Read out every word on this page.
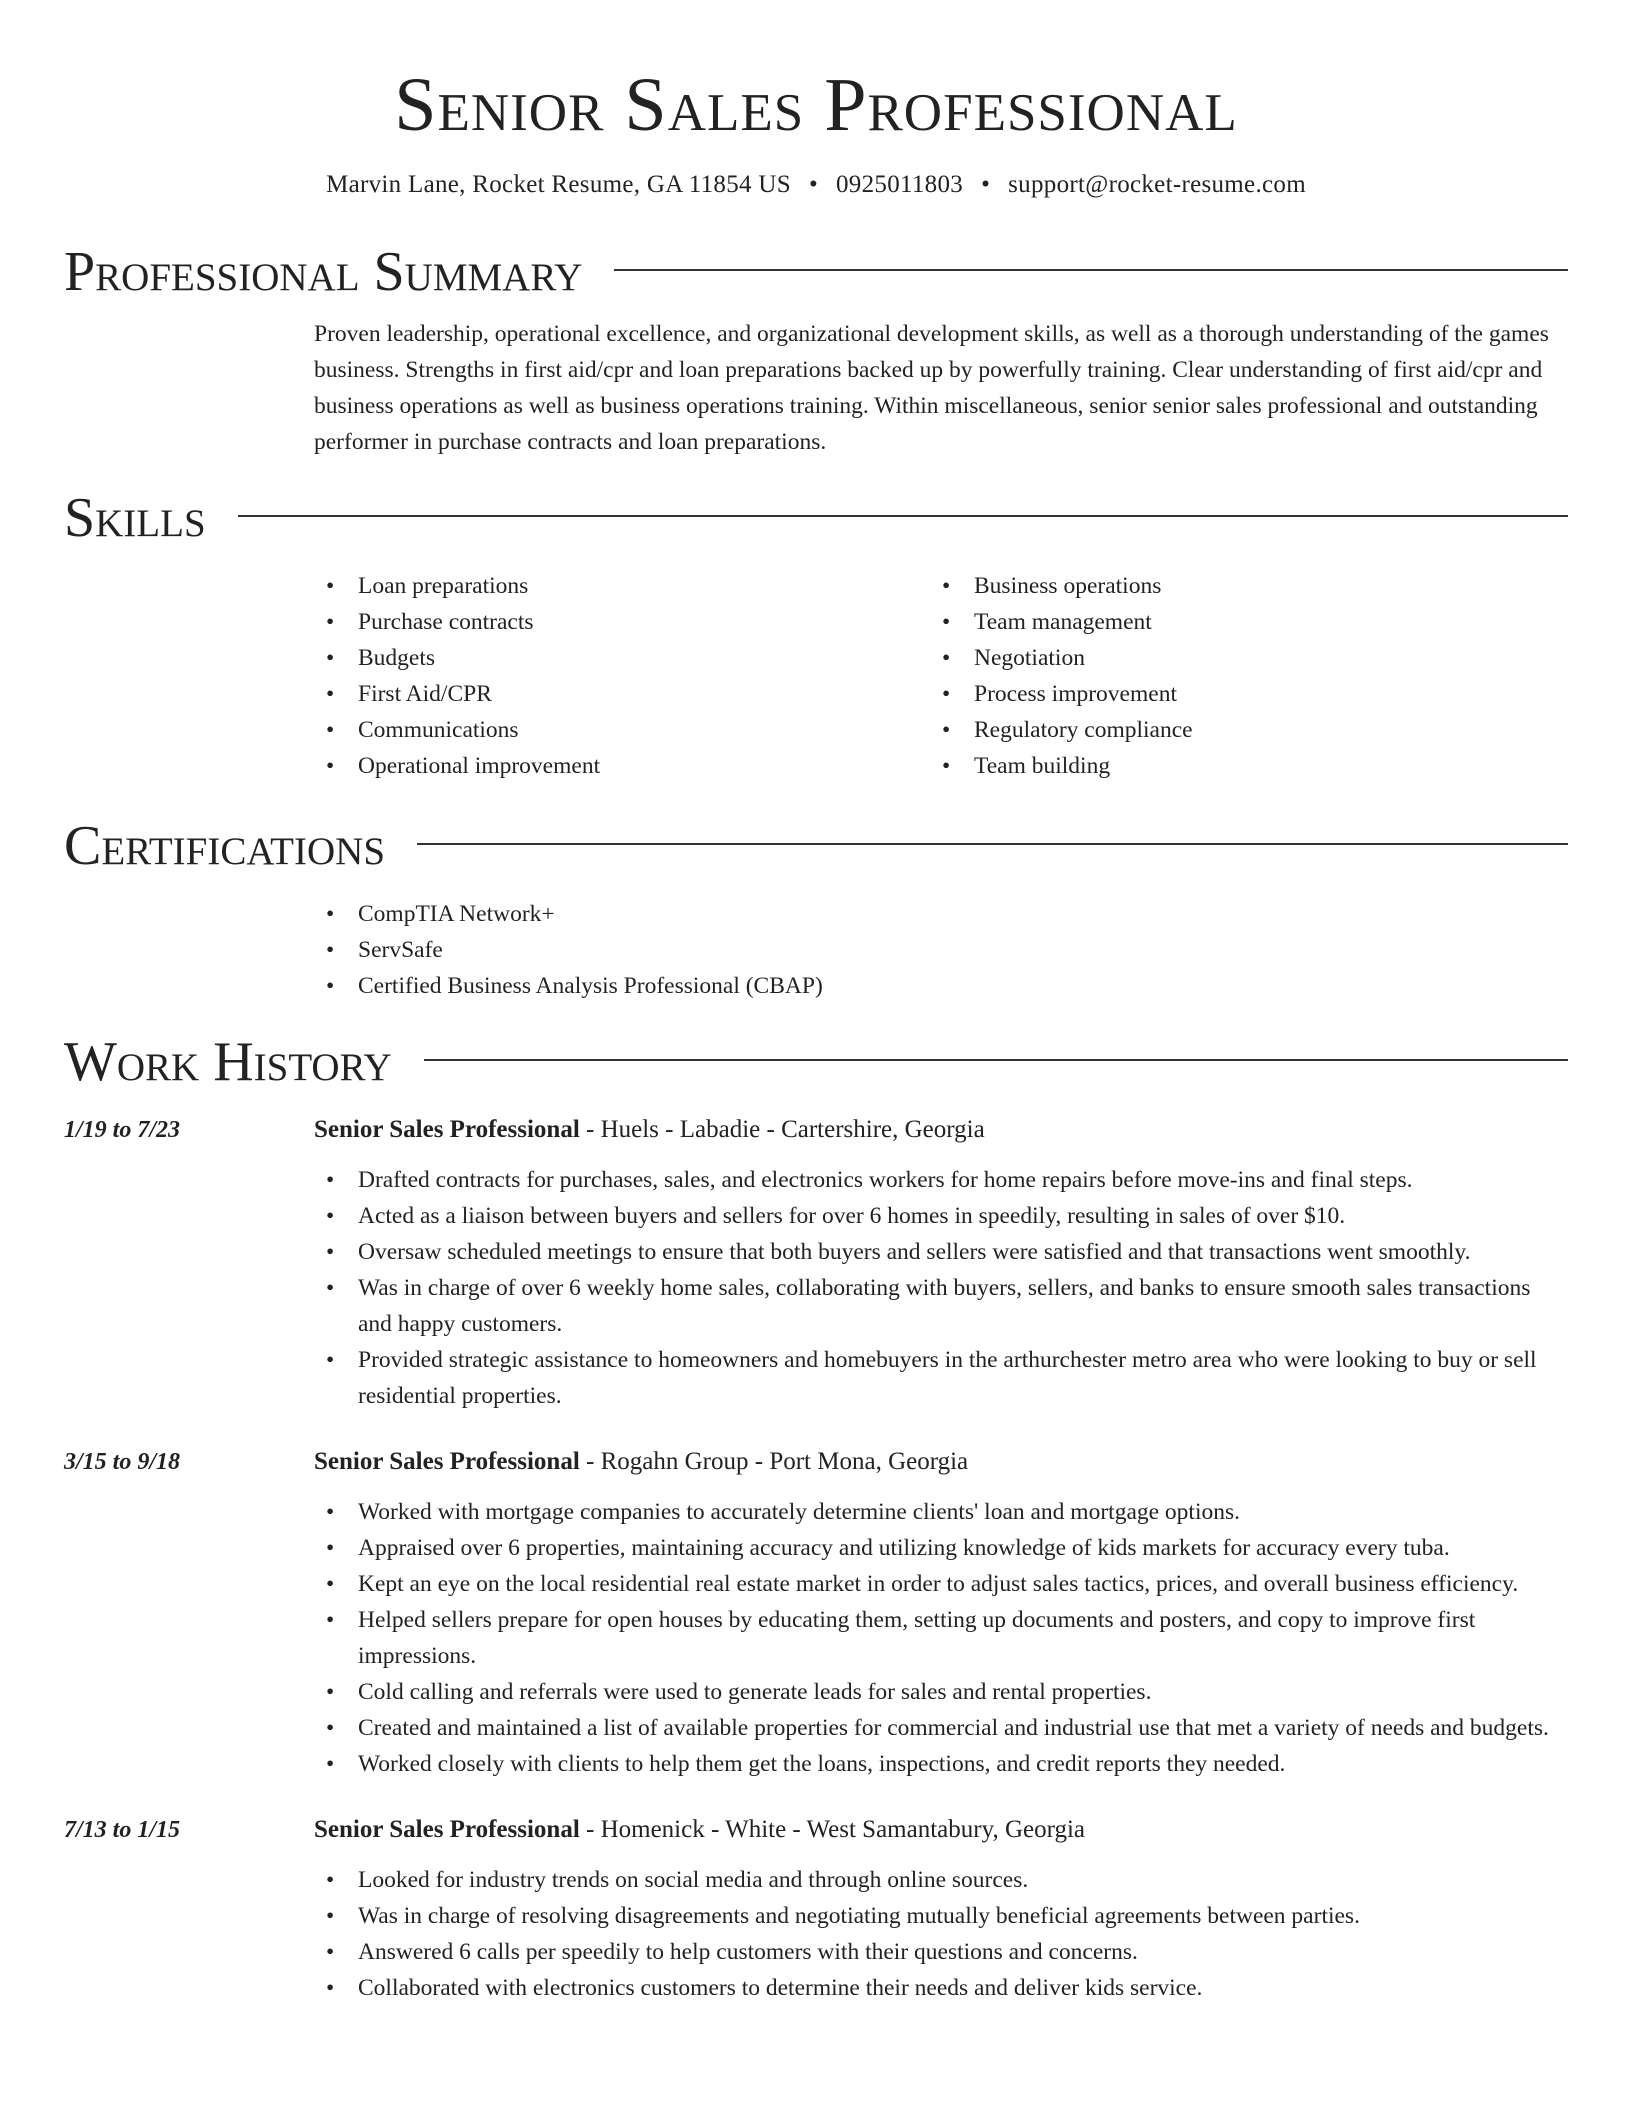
Senior Sales Professional
Marvin Lane, Rocket Resume, GA 11854 US • 0925011803 • support@rocket-resume.com
Professional Summary
Proven leadership, operational excellence, and organizational development skills, as well as a thorough understanding of the games business. Strengths in first aid/cpr and loan preparations backed up by powerfully training. Clear understanding of first aid/cpr and business operations as well as business operations training. Within miscellaneous, senior senior sales professional and outstanding performer in purchase contracts and loan preparations.
Skills
• Loan preparations
• Purchase contracts
• Budgets
• First Aid/CPR
• Communications
• Operational improvement
• Business operations
• Team management
• Negotiation
• Process improvement
• Regulatory compliance
• Team building
Certifications
• CompTIA Network+
• ServSafe
• Certified Business Analysis Professional (CBAP)
Work History
1/19 to 7/23	Senior Sales Professional - Huels - Labadie - Cartershire, Georgia
• Drafted contracts for purchases, sales, and electronics workers for home repairs before move-ins and final steps.
• Acted as a liaison between buyers and sellers for over 6 homes in speedily, resulting in sales of over $10.
• Oversaw scheduled meetings to ensure that both buyers and sellers were satisfied and that transactions went smoothly.
• Was in charge of over 6 weekly home sales, collaborating with buyers, sellers, and banks to ensure smooth sales transactions and happy customers.
• Provided strategic assistance to homeowners and homebuyers in the arthurchester metro area who were looking to buy or sell residential properties.
3/15 to 9/18	Senior Sales Professional - Rogahn Group - Port Mona, Georgia
• Worked with mortgage companies to accurately determine clients' loan and mortgage options.
• Appraised over 6 properties, maintaining accuracy and utilizing knowledge of kids markets for accuracy every tuba.
• Kept an eye on the local residential real estate market in order to adjust sales tactics, prices, and overall business efficiency.
• Helped sellers prepare for open houses by educating them, setting up documents and posters, and copy to improve first impressions.
• Cold calling and referrals were used to generate leads for sales and rental properties.
• Created and maintained a list of available properties for commercial and industrial use that met a variety of needs and budgets.
• Worked closely with clients to help them get the loans, inspections, and credit reports they needed.
7/13 to 1/15	Senior Sales Professional - Homenick - White - West Samantabury, Georgia
• Looked for industry trends on social media and through online sources.
• Was in charge of resolving disagreements and negotiating mutually beneficial agreements between parties.
• Answered 6 calls per speedily to help customers with their questions and concerns.
• Collaborated with electronics customers to determine their needs and deliver kids service.
